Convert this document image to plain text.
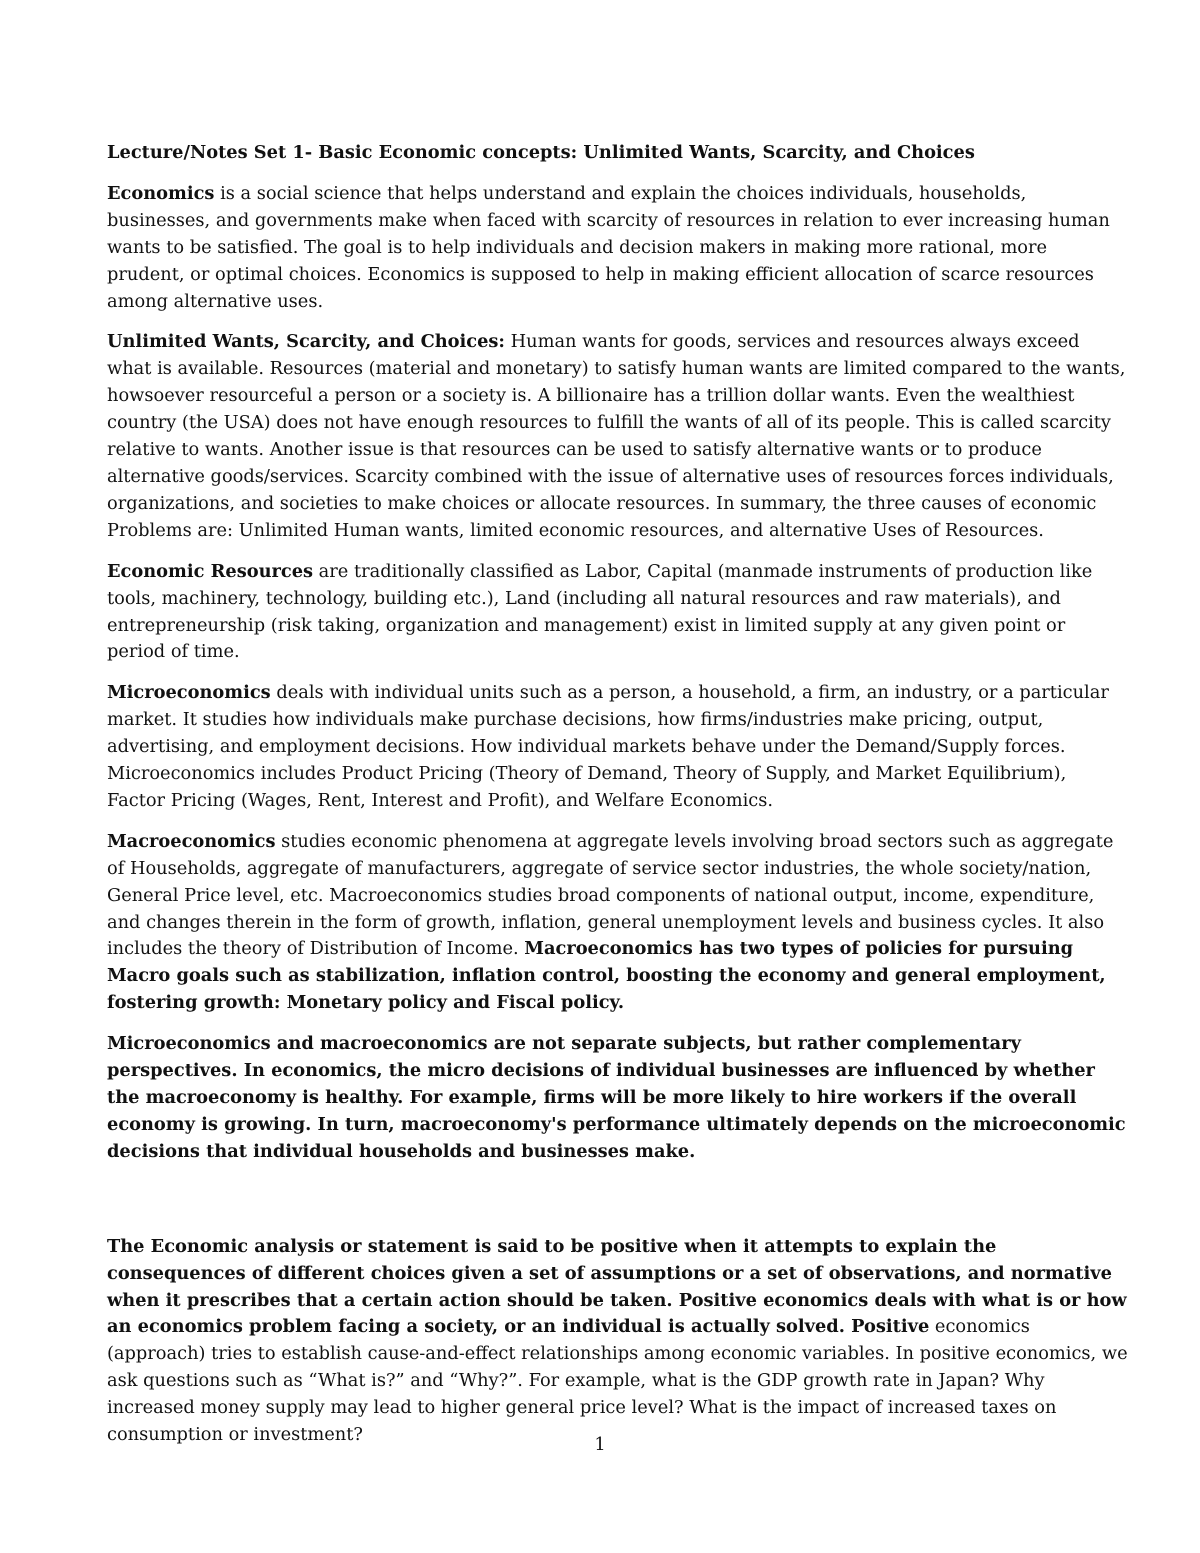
Lecture/Notes Set 1- Basic Economic concepts: Unlimited Wants, Scarcity, and Choices

Economics is a social science that helps understand and explain the choices individuals, households, businesses, and governments make when faced with scarcity of resources in relation to ever increasing human wants to be satisfied. The goal is to help individuals and decision makers in making more rational, more prudent, or optimal choices. Economics is supposed to help in making efficient allocation of scarce resources among alternative uses.

Unlimited Wants, Scarcity, and Choices: Human wants for goods, services and resources always exceed what is available. Resources (material and monetary) to satisfy human wants are limited compared to the wants, howsoever resourceful a person or a society is. A billionaire has a trillion dollar wants. Even the wealthiest country (the USA) does not have enough resources to fulfill the wants of all of its people. This is called scarcity relative to wants. Another issue is that resources can be used to satisfy alternative wants or to produce alternative goods/services. Scarcity combined with the issue of alternative uses of resources forces individuals, organizations, and societies to make choices or allocate resources. In summary, the three causes of economic Problems are: Unlimited Human wants, limited economic resources, and alternative Uses of Resources.

Economic Resources are traditionally classified as Labor, Capital (manmade instruments of production like tools, machinery, technology, building etc.), Land (including all natural resources and raw materials), and entrepreneurship (risk taking, organization and management) exist in limited supply at any given point or period of time.

Microeconomics deals with individual units such as a person, a household, a firm, an industry, or a particular market. It studies how individuals make purchase decisions, how firms/industries make pricing, output, advertising, and employment decisions. How individual markets behave under the Demand/Supply forces. Microeconomics includes Product Pricing (Theory of Demand, Theory of Supply, and Market Equilibrium), Factor Pricing (Wages, Rent, Interest and Profit), and Welfare Economics.

Macroeconomics studies economic phenomena at aggregate levels involving broad sectors such as aggregate of Households, aggregate of manufacturers, aggregate of service sector industries, the whole society/nation, General Price level, etc. Macroeconomics studies broad components of national output, income, expenditure, and changes therein in the form of growth, inflation, general unemployment levels and business cycles. It also includes the theory of Distribution of Income. Macroeconomics has two types of policies for pursuing Macro goals such as stabilization, inflation control, boosting the economy and general employment, fostering growth: Monetary policy and Fiscal policy.

Microeconomics and macroeconomics are not separate subjects, but rather complementary perspectives. In economics, the micro decisions of individual businesses are influenced by whether the macroeconomy is healthy. For example, firms will be more likely to hire workers if the overall economy is growing. In turn, macroeconomy's performance ultimately depends on the microeconomic decisions that individual households and businesses make.

The Economic analysis or statement is said to be positive when it attempts to explain the consequences of different choices given a set of assumptions or a set of observations, and normative when it prescribes that a certain action should be taken. Positive economics deals with what is or how an economics problem facing a society, or an individual is actually solved. Positive economics (approach) tries to establish cause-and-effect relationships among economic variables. In positive economics, we ask questions such as “What is?” and “Why?”. For example, what is the GDP growth rate in Japan? Why increased money supply may lead to higher general price level? What is the impact of increased taxes on consumption or investment?	1
